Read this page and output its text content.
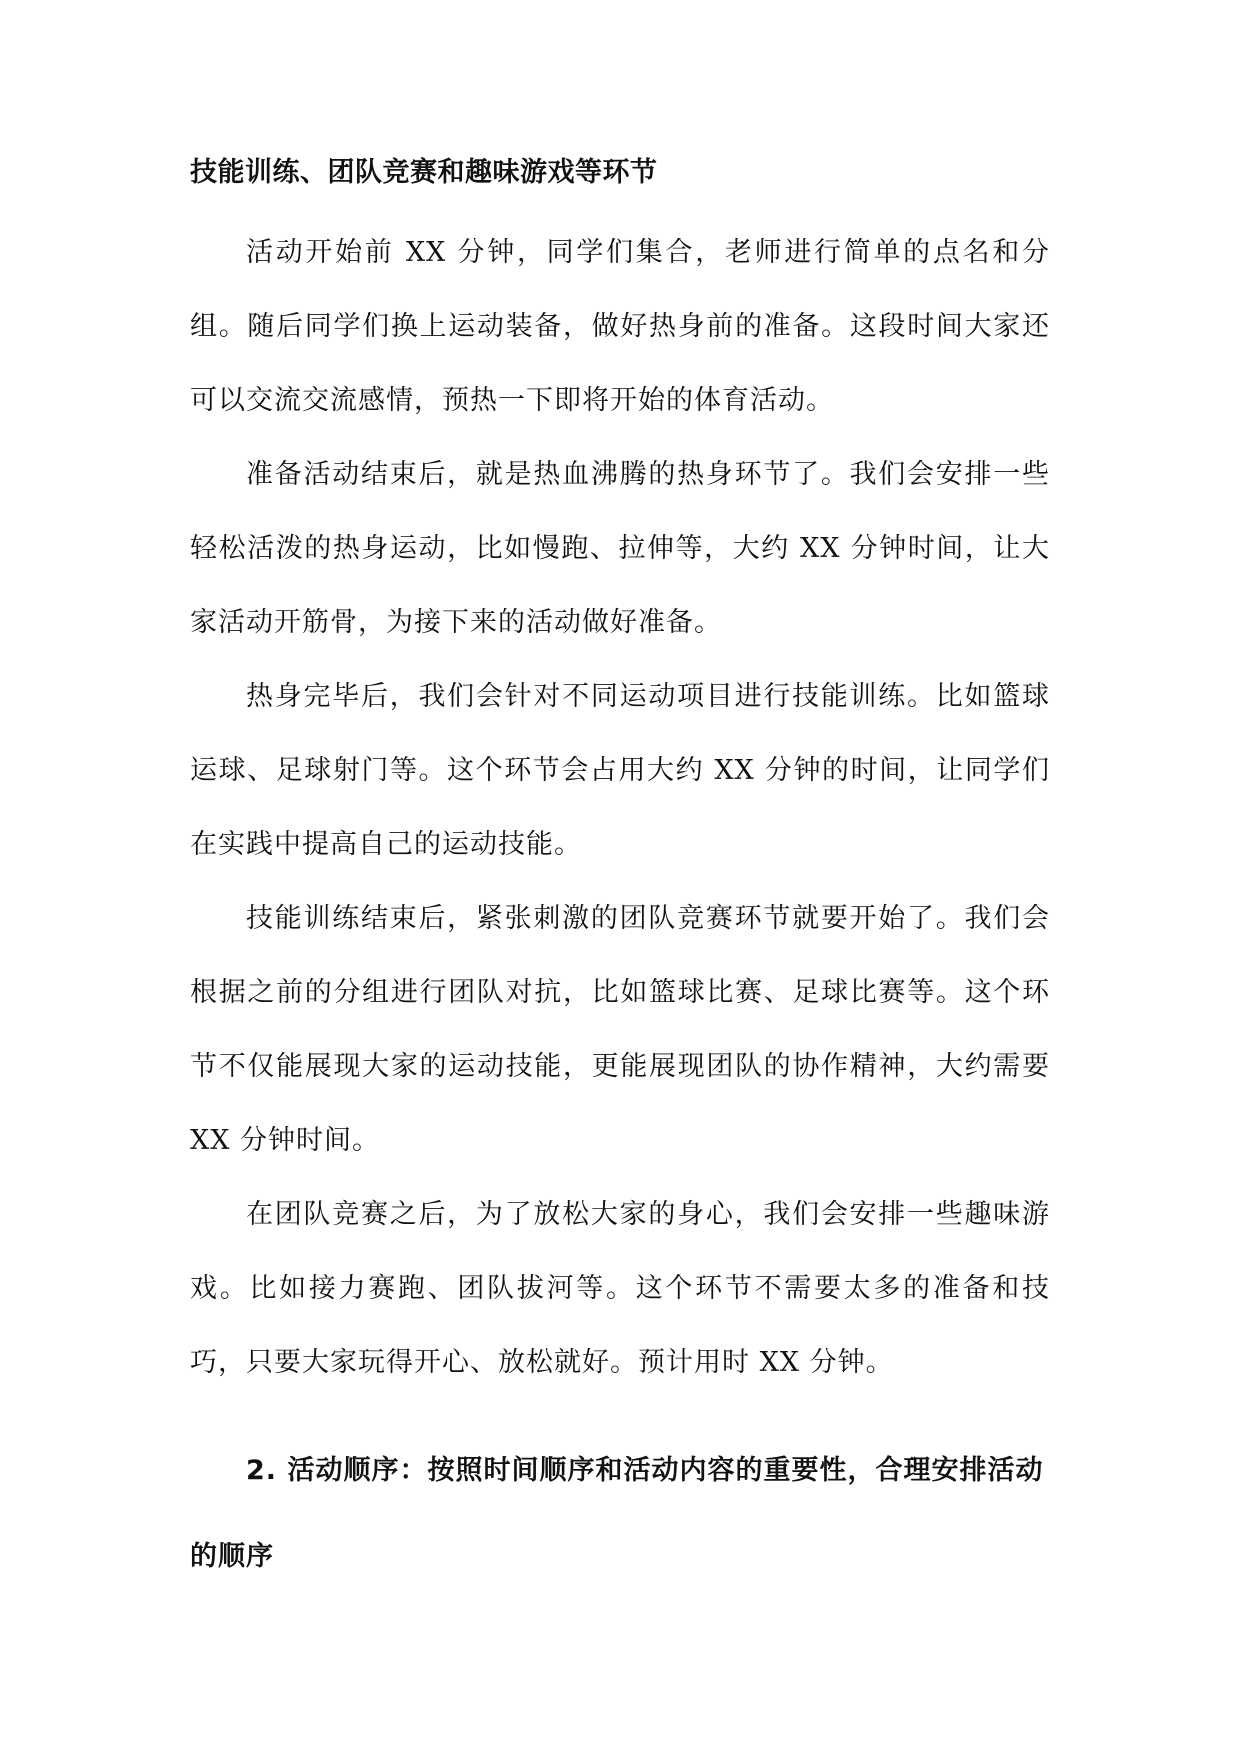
技能训练、团队竞赛和趣味游戏等环节

活动开始前 XX 分钟，同学们集合，老师进行简单的点名和分组。随后同学们换上运动装备，做好热身前的准备。这段时间大家还可以交流交流感情，预热一下即将开始的体育活动。

准备活动结束后，就是热血沸腾的热身环节了。我们会安排一些轻松活泼的热身运动，比如慢跑、拉伸等，大约 XX 分钟时间，让大家活动开筋骨，为接下来的活动做好准备。

热身完毕后，我们会针对不同运动项目进行技能训练。比如篮球运球、足球射门等。这个环节会占用大约 XX 分钟的时间，让同学们在实践中提高自己的运动技能。

技能训练结束后，紧张刺激的团队竞赛环节就要开始了。我们会根据之前的分组进行团队对抗，比如篮球比赛、足球比赛等。这个环节不仅能展现大家的运动技能，更能展现团队的协作精神，大约需要 XX 分钟时间。

在团队竞赛之后，为了放松大家的身心，我们会安排一些趣味游戏。比如接力赛跑、团队拔河等。这个环节不需要太多的准备和技巧，只要大家玩得开心、放松就好。预计用时 XX 分钟。

2. 活动顺序：按照时间顺序和活动内容的重要性，合理安排活动的顺序
